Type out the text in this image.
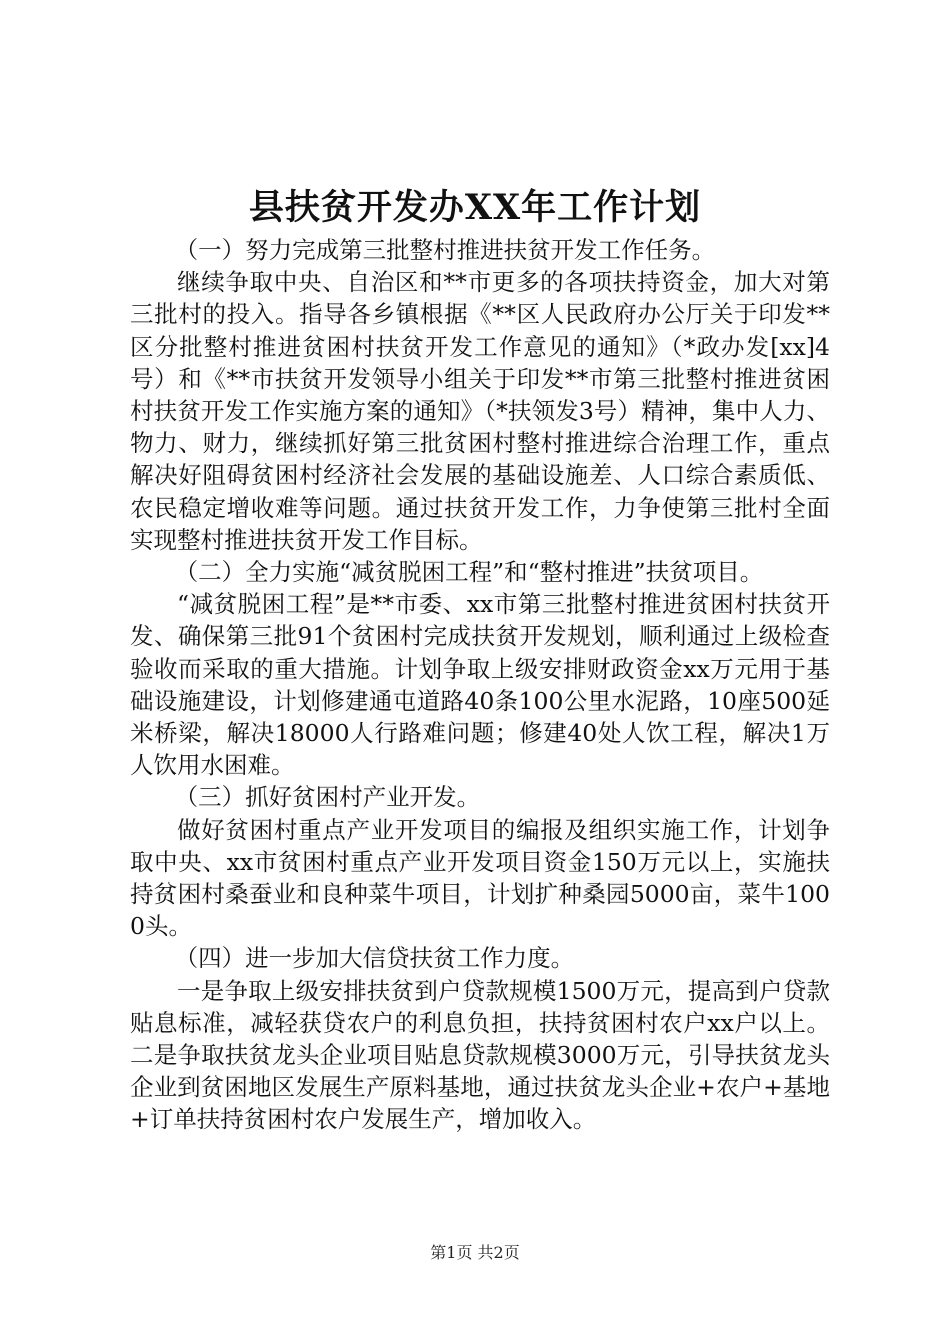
县扶贫开发办XX年工作计划

（一）努力完成第三批整村推进扶贫开发工作任务。

继续争取中央、自治区和**市更多的各项扶持资金，加大对第三批村的投入。指导各乡镇根据《**区人民政府办公厅关于印发**区分批整村推进贫困村扶贫开发工作意见的通知》（*政办发[xx]4号）和《**市扶贫开发领导小组关于印发**市第三批整村推进贫困村扶贫开发工作实施方案的通知》（*扶领发3号）精神，集中人力、物力、财力，继续抓好第三批贫困村整村推进综合治理工作，重点解决好阻碍贫困村经济社会发展的基础设施差、人口综合素质低、农民稳定增收难等问题。通过扶贫开发工作，力争使第三批村全面实现整村推进扶贫开发工作目标。

（二）全力实施“减贫脱困工程”和“整村推进”扶贫项目。

“减贫脱困工程”是**市委、xx市第三批整村推进贫困村扶贫开发、确保第三批91个贫困村完成扶贫开发规划，顺利通过上级检查验收而采取的重大措施。计划争取上级安排财政资金xx万元用于基础设施建设，计划修建通屯道路40条100公里水泥路，10座500延米桥梁，解决18000人行路难问题；修建40处人饮工程，解决1万人饮用水困难。

（三）抓好贫困村产业开发。

做好贫困村重点产业开发项目的编报及组织实施工作，计划争取中央、xx市贫困村重点产业开发项目资金150万元以上，实施扶持贫困村桑蚕业和良种菜牛项目，计划扩种桑园5000亩，菜牛1000头。

（四）进一步加大信贷扶贫工作力度。

一是争取上级安排扶贫到户贷款规模1500万元，提高到户贷款贴息标准，减轻获贷农户的利息负担，扶持贫困村农户xx户以上。二是争取扶贫龙头企业项目贴息贷款规模3000万元，引导扶贫龙头企业到贫困地区发展生产原料基地，通过扶贫龙头企业+农户+基地+订单扶持贫困村农户发展生产，增加收入。

第1页 共2页
